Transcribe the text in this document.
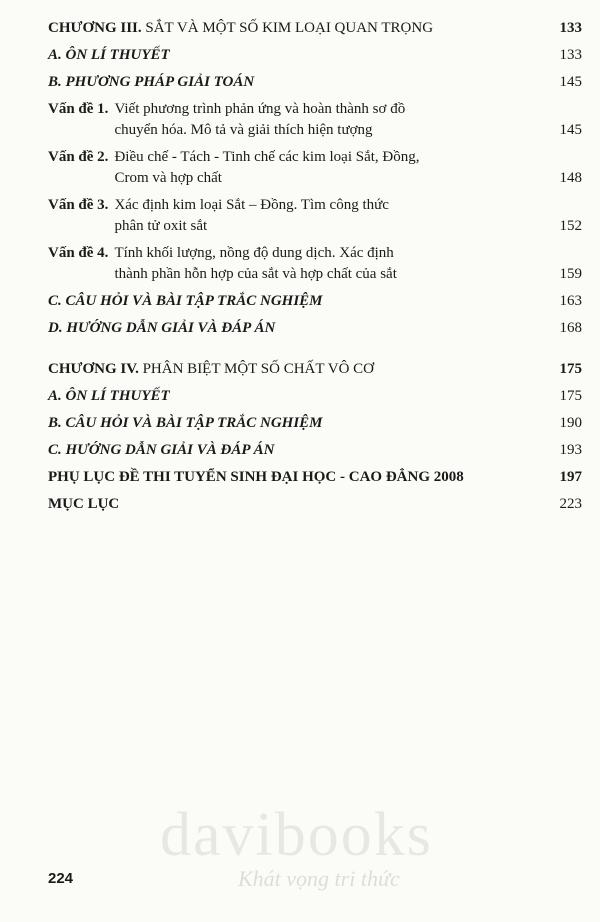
CHƯƠNG III. SẮT VÀ MỘT SỐ KIM LOẠI QUAN TRỌNG	133
A. ÔN LÍ THUYẾT	133
B. PHƯƠNG PHÁP GIẢI TOÁN	145
Vấn đề 1. Viết phương trình phản ứng và hoàn thành sơ đồ
chuyển hóa. Mô tả và giải thích hiện tượng	145
Vấn đề 2. Điều chế - Tách - Tinh chế các kim loại Sắt, Đồng,
Crom và hợp chất	148
Vấn đề 3. Xác định kim loại Sắt – Đồng. Tìm công thức
phân tử oxit sắt	152
Vấn đề 4. Tính khối lượng, nồng độ dung dịch. Xác định
thành phần hỗn hợp của sắt và hợp chất của sắt	159
C. CÂU HỎI VÀ BÀI TẬP TRẮC NGHIỆM	163
D. HƯỚNG DẪN GIẢI VÀ ĐÁP ÁN	168
CHƯƠNG IV. PHÂN BIỆT MỘT SỐ CHẤT VÔ CƠ	175
A. ÔN LÍ THUYẾT	175
B. CÂU HỎI VÀ BÀI TẬP TRẮC NGHIỆM	190
C. HƯỚNG DẪN GIẢI VÀ ĐÁP ÁN	193
PHỤ LỤC ĐỀ THI TUYỂN SINH ĐẠI HỌC - CAO ĐẲNG 2008	197
MỤC LỤC	223
davibooks
Khát vọng tri thức
224
